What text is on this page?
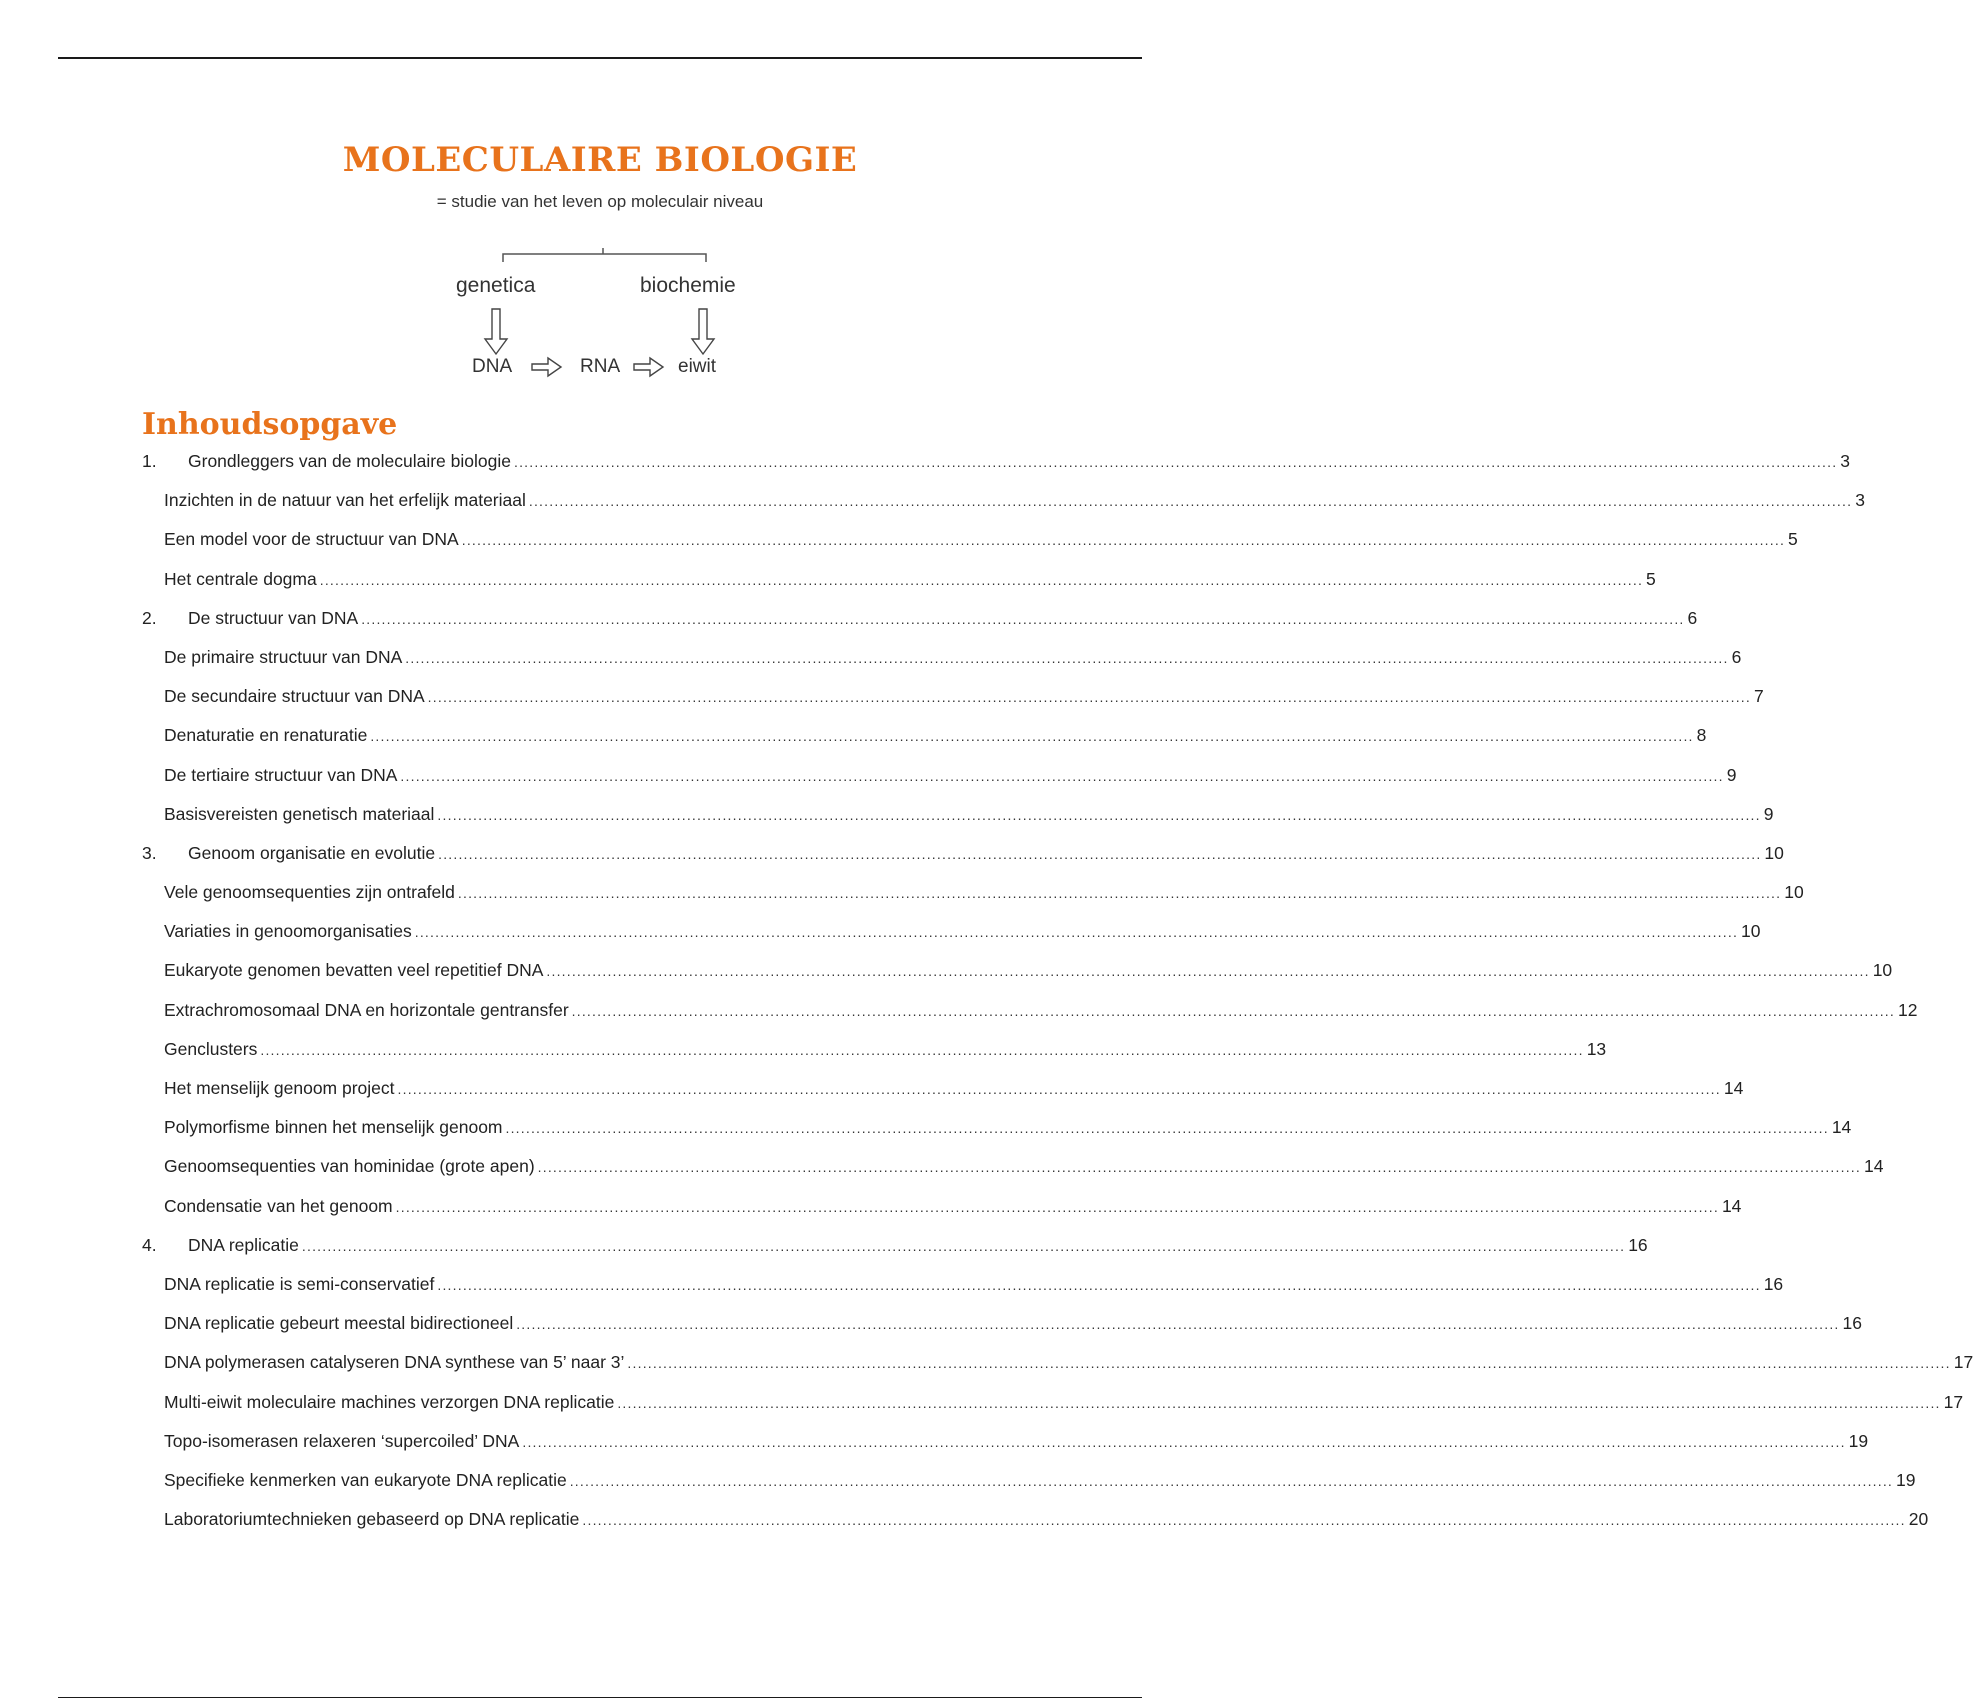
MOLECULAIRE BIOLOGIE

= studie van het leven op moleculair niveau

genetica	biochemie
DNA	RNA	eiwit
Inhoudsopgave
1.	Grondleggers van de moleculaire biologie .................................................................................................................................................................................................................................................................... 3
Inzichten in de natuur van het erfelijk materiaal .................................................................................................................................................................................................................................................................... 3
Een model voor de structuur van DNA .................................................................................................................................................................................................................................................................... 5
Het centrale dogma .................................................................................................................................................................................................................................................................... 5
2.	De structuur van DNA .................................................................................................................................................................................................................................................................... 6
De primaire structuur van DNA .................................................................................................................................................................................................................................................................... 6
De secundaire structuur van DNA .................................................................................................................................................................................................................................................................... 7
Denaturatie en renaturatie .................................................................................................................................................................................................................................................................... 8
De tertiaire structuur van DNA .................................................................................................................................................................................................................................................................... 9
Basisvereisten genetisch materiaal .................................................................................................................................................................................................................................................................... 9
3.	Genoom organisatie en evolutie .................................................................................................................................................................................................................................................................... 10
Vele genoomsequenties zijn ontrafeld .................................................................................................................................................................................................................................................................... 10
Variaties in genoomorganisaties .................................................................................................................................................................................................................................................................... 10
Eukaryote genomen bevatten veel repetitief DNA .................................................................................................................................................................................................................................................................... 10
Extrachromosomaal DNA en horizontale gentransfer .................................................................................................................................................................................................................................................................... 12
Genclusters .................................................................................................................................................................................................................................................................... 13
Het menselijk genoom project .................................................................................................................................................................................................................................................................... 14
Polymorfisme binnen het menselijk genoom .................................................................................................................................................................................................................................................................... 14
Genoomsequenties van hominidae (grote apen) .................................................................................................................................................................................................................................................................... 14
Condensatie van het genoom .................................................................................................................................................................................................................................................................... 14
4.	DNA replicatie .................................................................................................................................................................................................................................................................... 16
DNA replicatie is semi-conservatief .................................................................................................................................................................................................................................................................... 16
DNA replicatie gebeurt meestal bidirectioneel .................................................................................................................................................................................................................................................................... 16
DNA polymerasen catalyseren DNA synthese van 5’ naar 3’ .................................................................................................................................................................................................................................................................... 17
Multi-eiwit moleculaire machines verzorgen DNA replicatie .................................................................................................................................................................................................................................................................... 17
Topo-isomerasen relaxeren ‘supercoiled’ DNA .................................................................................................................................................................................................................................................................... 19
Specifieke kenmerken van eukaryote DNA replicatie .................................................................................................................................................................................................................................................................... 19
Laboratoriumtechnieken gebaseerd op DNA replicatie .................................................................................................................................................................................................................................................................... 20
